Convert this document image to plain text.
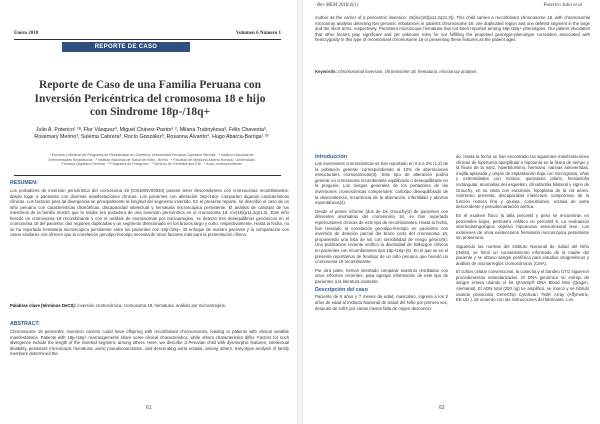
Enero 2018	Volumen 6 Número 1
REPORTE DE CASO
Reporte de Caso de una Familia Peruana con Inversión Pericéntrica del cromosoma 18 e hijo con Sindrome 18p-/18q+
Julio A. Poterico¹ ²ª, Flor Vásquez³, Miguel Chávez-Pastor¹ ², Milana Trubnykova³, Félix Chavesta³, Rosemary Merino³, Sulema Cabrera³, Rocío González³, Rosanna Álvarito⁴, Hugo Abarca-Barriga¹ ²ᵇ
¹ Escuela y Medical del Programa de Residentado en Genética, Universidad Peruana Cayetano Heredia · ² Instituto Nacional de Enfermedades Neoplásicas · ³ Instituto Nacional de Salud del Niño - Breña · ⁴ Facultad de Medicina Alberto Hurtado, Universidad Peruana Cayetano Heredia · ª Programa de Postgrado · ᵇ Servicio de Genética and Erb · * Autor correspondiente
RESUMEN:
Los portadores de inversión pericéntrica del cromosoma 18 (CM18INV00034) poseen tener descendientes con cromosomas recombinantes, dando lugar a pacientes con diversas manifestaciones clínicas. Los pacientes con alteración 18p-/18q+ comparten algunas características clínicas. Los factores para tal divergencia se principalmente la longitud del segmento invertido. En el presente reporte, se describió el caso de un niño peruano con características dismórficas, discapacidad intelectual y hematuria microscópica persistente. El análisis de cariotipo de los miembros de la familia mostró que la madre era portadora de una inversión pericéntrica en el cromosoma 18: inv(18)(p11.2q21.3). Este niño heredó un cromosoma 18 recombinante y con el análisis de cromosomas por microarreglos, se detectó tres desequilibrios genómicos en el cromosoma 18 del paciente: dos regiones duplicadas y un segmento delecionado en los brazos largo y corto, respectivamente. Hasta la fecha, no se ha reportado hematuria microscópica persistente entre los pacientes con 18p-/18q+. El enfoque de nuestro paciente y la comparación con casos similares nos ofrecen que la correlación genotipo-fenotipo necesita de otros factores más para la presentación clínica.
Palabras clave (términos DeCS): inversión cromosómica, cromosoma 18, hematuria, análisis por microarreglos.
ABSTRACT:
Chromosome 18 pericentric inversion carriers could have offspring with recombinant chromosomes, leading to patients with clinical variable manifestations. Patients with 18p-/18q+ rearrangements share some clinical characteristics, while others characteristics differ. Factors for such divergence include the length of the inverted segment, among others. Here, we describe a Peruvian child with dysmorphic features, intellectual disability, persistent microscopic hematuria, aortic pseudocoarctation, and descending aorta ectasia, among others. Karyotype analysis of family members determined the
61
Rev MEM 2018;6(1)	Poterico Julio et al
mother as the carrier of a pericentric inversion: 18(inv(18)(p11.2q21.3)). This child carries a recombinant chromosome 18, with chromosomal microarray analysis detecting two genomic imbalances in patients chromosome 18: one duplicated region and one deleted segment in the large and the short arms, respectively. Persistent microscopic hematuria has not been reported among 18p-/18q+ phenotypes. Our patient elucidates that other factors play significant and yet unknown roles for not fulfilling the proposed genotype-phenotype correlation associated with hemizygosity in this type of recombinant chromosome 18 or presenting these features as the patient ages.
Keywords: chromosomal inversion, chromosome 18, hematuria, microarray analysis.
Introducción

Las inversiones cromosómicas se han reportado en 0.5 a 2% (1,2) de la población general, correspondiendo al 10% de aberraciones estructurales cromosómicas(3). Este tipo de alteración podría generar un cromosoma recombinante equilibrado o desequilibrado en la progenie. Los riesgos generales de los portadores de las inversiones cromosómicas comprenden: cariotipo desequilibrado de la descendencia, recurrencia de la aberración, infertilidad y abortos espontáneos(4).

Desde el primer informe (dos de De Grouchy(4) de pacientes con diferentes anomalías del cromosoma 18, se han reportado repercusiones clínicas de este tipo de recombinantes. Hasta la fecha, han revisado la correlación genotipo-fenotipo en pacientes con inversión de deleción parcial del brazo corto del cromosoma 18, proponiendo una lista de los con sensibilidad de riesgo génico(5). Una publicación reciente verificó la diversidad de hallazgos clínicos en pacientes con recombinantes tipo 18p-/18q+(6). En el que se en el presente reportamos de fenotipo de un niño peruano que heredó un cromosoma 18 recombinante.

Por otra parte, hemos intentado comparar nuestros resultados con otros informes recientes, para agregar información de este tipo de pacientes a la literatura existente.

Descripción del caso

Paciente de 6 años y 7 meses de edad, masculino, ingresa a los 2 años de edad al Instituto Nacional de Salud del Niño por primera vez, después de sufrir por varias meses falta de origen desconoci-

do. Hasta la fecha se han encontrado las siguientes manifestaciones clínicas de hipertonía aperpillular e hipotonía en la fisura de tiempo y la fisura de la nariz, hipertelorismo, hermano, narinas antevertidas, mejilla aplanada y orejas de implantación baja con micrognatia, uñas y extremidades con mónica, queratosis pilaris, hemiatrofia rectangular, anomalías del esqueleto, clinodactilia bilateral y signo de Grouchy, en su visita con escoliosis, hipoplasia de la vía aérea. Asimismo presenta, discapacidad intelectual, compromiso de la función motora fina y gruesa, convulsiones, ectasia de aorta descendente y pseudocoartación aórtica.

En el examen físico la talla percentil y peso se encuentran en percentiles bajos, perímetro cefálico en percentil 5. La evaluación otorrinolaringológica objetivó hipoacusia sensorineural leve. Los exámenes de orina evidenciaron hematuria microscópica persistente sin proteinuria.

Siguiendo las normas del Instituto Nacional de Salud del Niño (INSN), se firmó un consentimiento informado de la madre del paciente y se obtuvo sangre periférica para estudios citogenéticos y análisis de microarreglos cromosómicos (CMA).

El cultivo celular convencional, la cosecha y el bandeo GTG siguieron procedimientos estandarizados. El DNA genómico se extrajo de sangre entera usando el kit QIAamp® DNA Blood Mini (Qiagen, Alemania). El ADN total (250 ng) se amplificó, se marcó y se hibridó usando protocolos GeneChip CytoScan 750K Array (Affymetrix, EE.UU.), de acuerdo con las instrucciones del fabricante. Los

62
